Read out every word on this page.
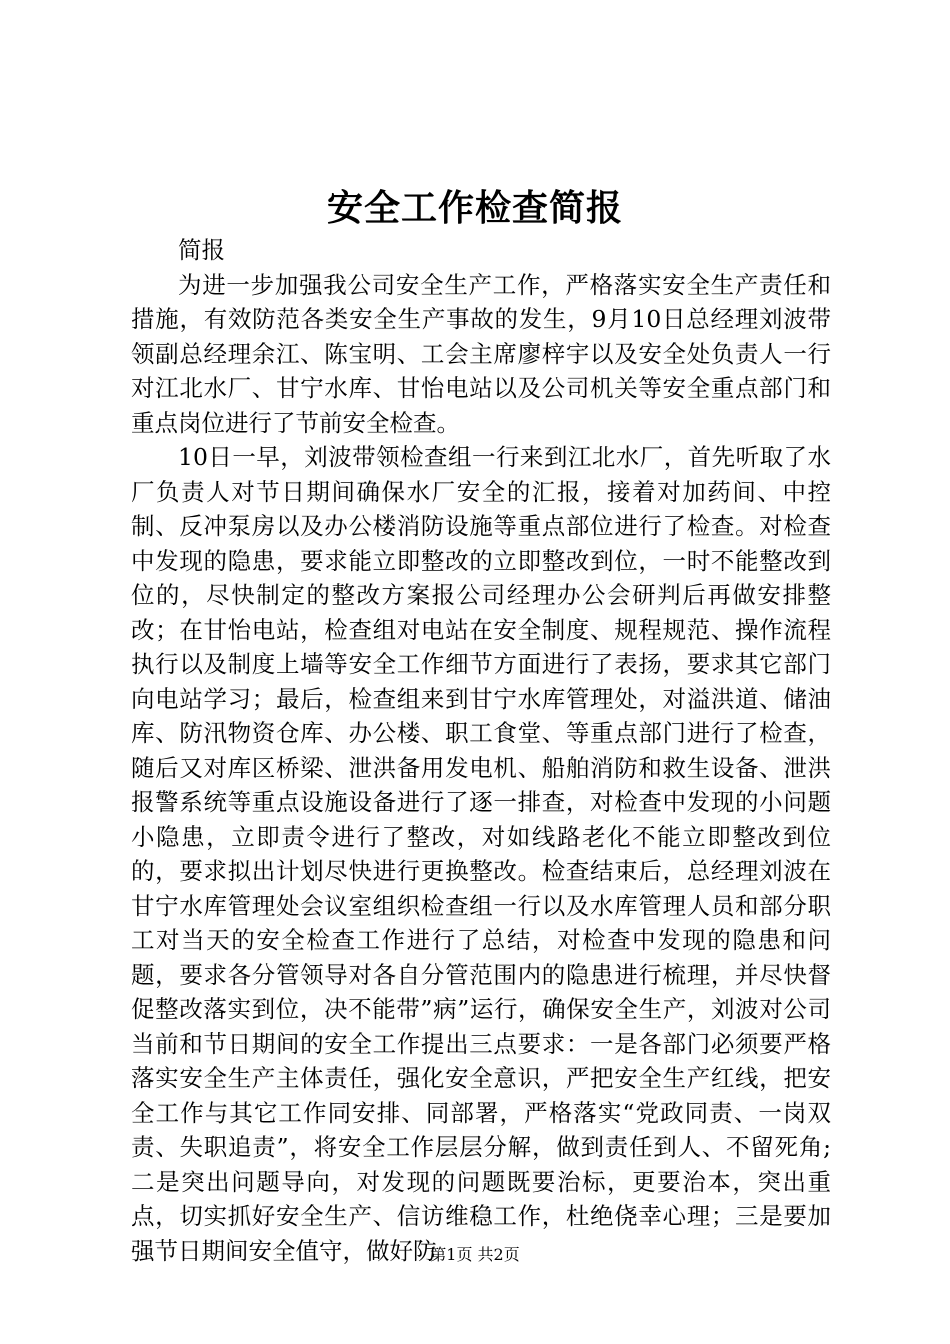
安全工作检查简报

简报

为进一步加强我公司安全生产工作，严格落实安全生产责任和措施，有效防范各类安全生产事故的发生，9月10日总经理刘波带领副总经理余江、陈宝明、工会主席廖梓宇以及安全处负责人一行对江北水厂、甘宁水库、甘怡电站以及公司机关等安全重点部门和重点岗位进行了节前安全检查。

10日一早，刘波带领检查组一行来到江北水厂，首先听取了水厂负责人对节日期间确保水厂安全的汇报，接着对加药间、中控制、反冲泵房以及办公楼消防设施等重点部位进行了检查。对检查中发现的隐患，要求能立即整改的立即整改到位，一时不能整改到位的，尽快制定的整改方案报公司经理办公会研判后再做安排整改；在甘怡电站，检查组对电站在安全制度、规程规范、操作流程执行以及制度上墙等安全工作细节方面进行了表扬，要求其它部门向电站学习；最后，检查组来到甘宁水库管理处，对溢洪道、储油库、防汛物资仓库、办公楼、职工食堂、等重点部门进行了检查，随后又对库区桥梁、泄洪备用发电机、船舶消防和救生设备、泄洪报警系统等重点设施设备进行了逐一排查，对检查中发现的小问题小隐患，立即责令进行了整改，对如线路老化不能立即整改到位的，要求拟出计划尽快进行更换整改。检查结束后，总经理刘波在甘宁水库管理处会议室组织检查组一行以及水库管理人员和部分职工对当天的安全检查工作进行了总结，对检查中发现的隐患和问题，要求各分管领导对各自分管范围内的隐患进行梳理，并尽快督促整改落实到位，决不能带”病”运行，确保安全生产，刘波对公司当前和节日期间的安全工作提出三点要求：一是各部门必须要严格落实安全生产主体责任，强化安全意识，严把安全生产红线，把安全工作与其它工作同安排、同部署，严格落实“党政同责、一岗双责、失职追责”，将安全工作层层分解，做到责任到人、不留死角;二是突出问题导向，对发现的问题既要治标，更要治本，突出重点，切实抓好安全生产、信访维稳工作，杜绝侥幸心理；三是要加强节日期间安全值守，做好防

第1页 共2页
